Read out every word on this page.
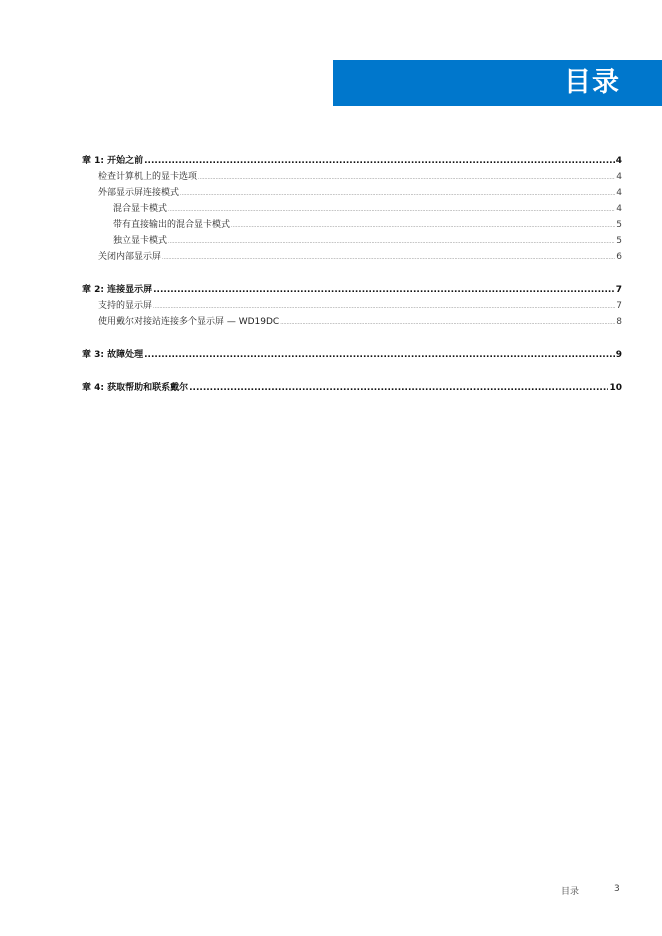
目录
章 1: 开始之前 .....	4
检查计算机上的显卡选项 .....	4
外部显示屏连接模式 .....	4
混合显卡模式 .....	4
带有直接输出的混合显卡模式 .....	5
独立显卡模式 .....	5
关闭内部显示屏 .....	6
章 2: 连接显示屏 .....	7
支持的显示屏 .....	7
使用戴尔对接站连接多个显示屏 — WD19DC .....	8
章 3: 故障处理 .....	9
章 4: 获取帮助和联系戴尔 .....	10
目录	3
